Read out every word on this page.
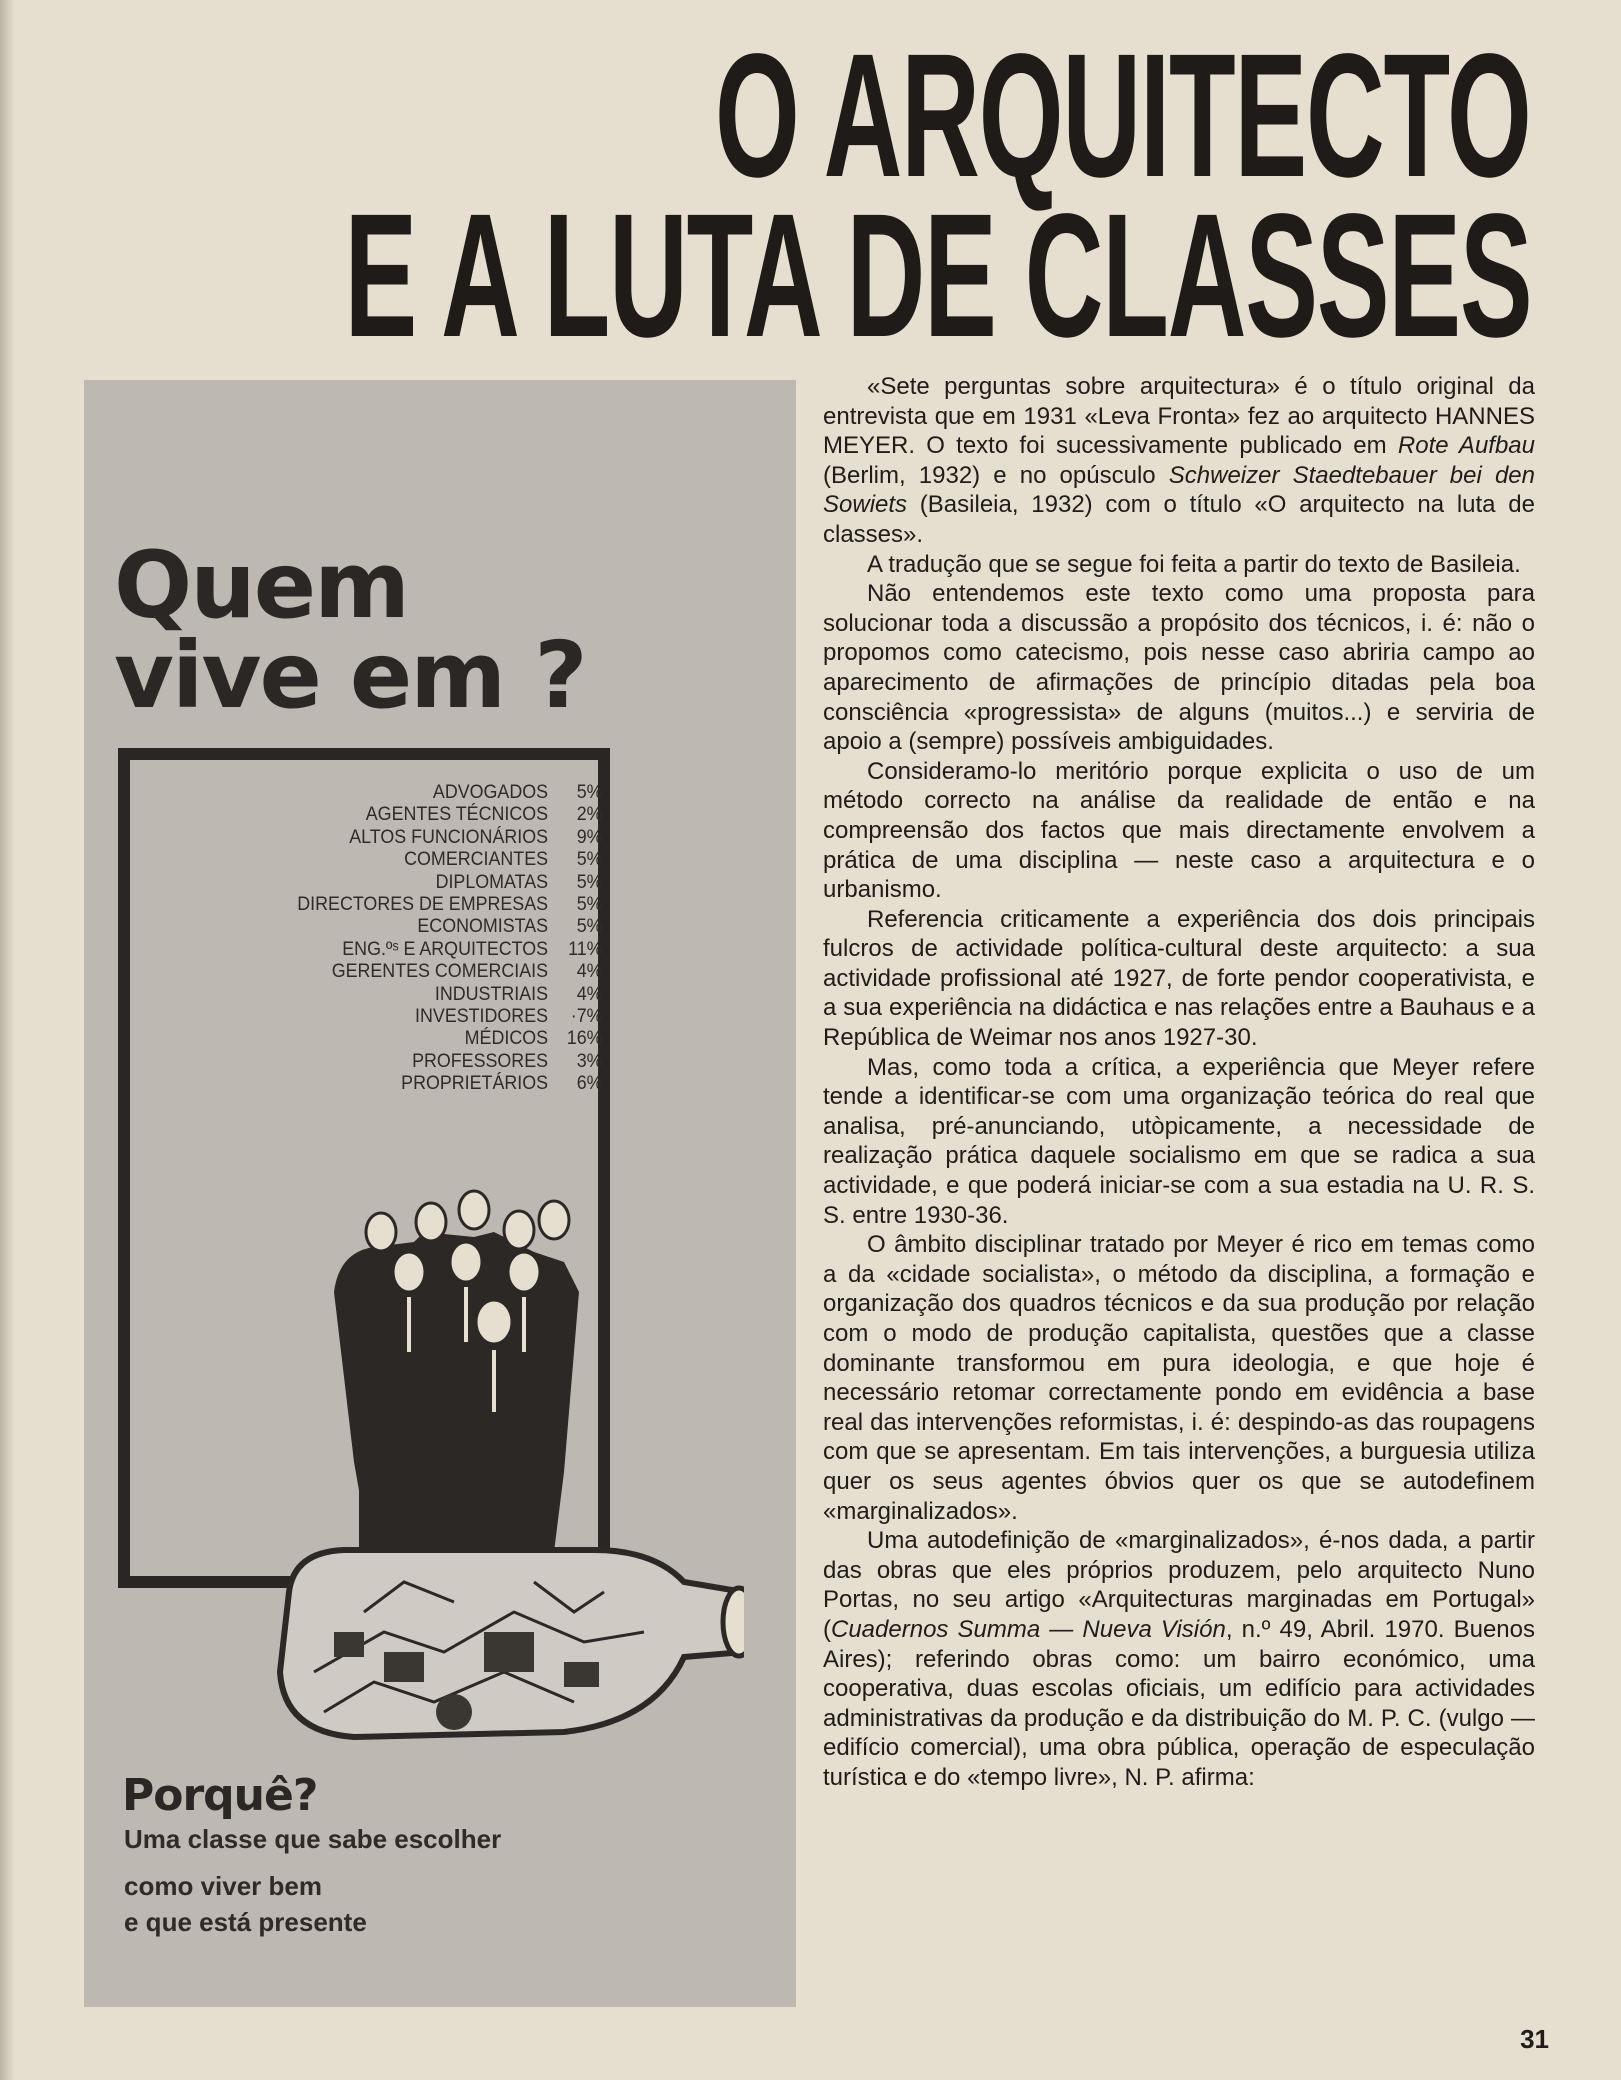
O ARQUITECTO
E A LUTA DE CLASSES
Quem
vive em ?
ADVOGADOS	5%
AGENTES TÉCNICOS	2%
ALTOS FUNCIONÁRIOS	9%
COMERCIANTES	5%
DIPLOMATAS	5%
DIRECTORES DE EMPRESAS	5%
ECONOMISTAS	5%
ENG.ºˢ E ARQUITECTOS	11%
GERENTES COMERCIAIS	4%
INDUSTRIAIS	4%
INVESTIDORES	·7%
MÉDICOS 16%
PROFESSORES	3%
PROPRIETÁRIOS	6%
Porquê?
Uma classe que sabe escolher
como viver bem
e que está presente

«Sete perguntas sobre arquitectura» é o título original da entrevista que em 1931 «Leva Fronta» fez ao arquitecto HANNES MEYER. O texto foi sucessivamente publicado em Rote Aufbau (Berlim, 1932) e no opúsculo Schweizer Staedtebauer bei den Sowiets (Basileia, 1932) com o título «O arquitecto na luta de classes».

A tradução que se segue foi feita a partir do texto de Basileia.

Não entendemos este texto como uma proposta para solucionar toda a discussão a propósito dos técnicos, i. é: não o propomos como catecismo, pois nesse caso abriria campo ao aparecimento de afirmações de princípio ditadas pela boa consciência «progressista» de alguns (muitos...) e serviria de apoio a (sempre) possíveis ambiguidades.

Consideramo-lo meritório porque explicita o uso de um método correcto na análise da realidade de então e na compreensão dos factos que mais directamente envolvem a prática de uma disciplina — neste caso a arquitectura e o urbanismo.

Referencia criticamente a experiência dos dois principais fulcros de actividade política-cultural deste arquitecto: a sua actividade profissional até 1927, de forte pendor cooperativista, e a sua experiência na didáctica e nas relações entre a Bauhaus e a República de Weimar nos anos 1927-30.

Mas, como toda a crítica, a experiência que Meyer refere tende a identificar-se com uma organização teórica do real que analisa, pré-anunciando, utòpicamente, a necessidade de realização prática daquele socialismo em que se radica a sua actividade, e que poderá iniciar-se com a sua estadia na U. R. S. S. entre 1930-36.

O âmbito disciplinar tratado por Meyer é rico em temas como a da «cidade socialista», o método da disciplina, a formação e organização dos quadros técnicos e da sua produção por relação com o modo de produção capitalista, questões que a classe dominante transformou em pura ideologia, e que hoje é necessário retomar correctamente pondo em evidência a base real das intervenções reformistas, i. é: despindo-as das roupagens com que se apresentam. Em tais intervenções, a burguesia utiliza quer os seus agentes óbvios quer os que se autodefinem «marginalizados».

Uma autodefinição de «marginalizados», é-nos dada, a partir das obras que eles próprios produzem, pelo arquitecto Nuno Portas, no seu artigo «Arquitecturas marginadas em Portugal» (Cuadernos Summa — Nueva Visión, n.º 49, Abril. 1970. Buenos Aires); referindo obras como: um bairro económico, uma cooperativa, duas escolas oficiais, um edifício para actividades administrativas da produção e da distribuição do M. P. C. (vulgo — edifício comercial), uma obra pública, operação de especulação turística e do «tempo livre», N. P. afirma:

31
